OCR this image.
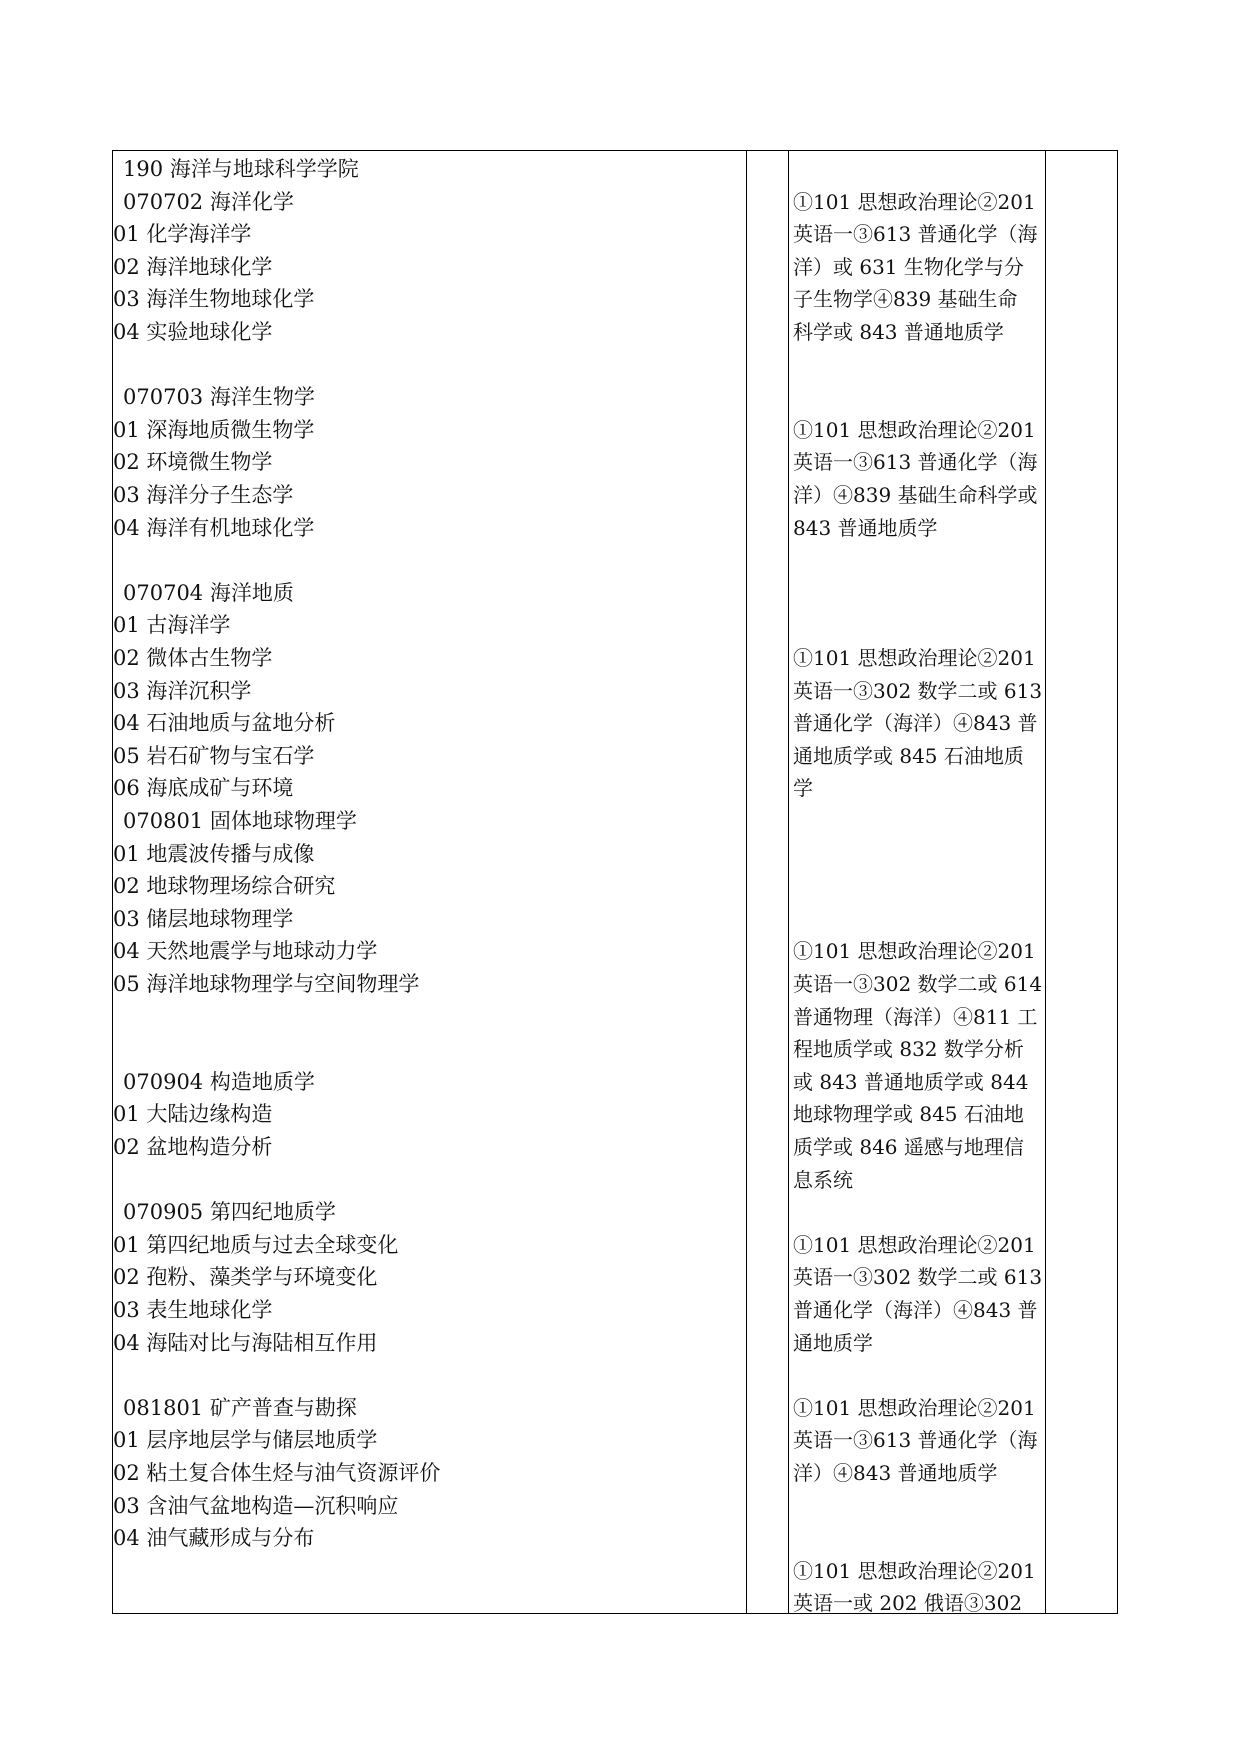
190 海洋与地球科学学院
070702 海洋化学
01 化学海洋学
02 海洋地球化学
03 海洋生物地球化学
04 实验地球化学
070703 海洋生物学
01 深海地质微生物学
02 环境微生物学
03 海洋分子生态学
04 海洋有机地球化学
070704 海洋地质
01 古海洋学
02 微体古生物学
03 海洋沉积学
04 石油地质与盆地分析
05 岩石矿物与宝石学
06 海底成矿与环境
070801 固体地球物理学
01 地震波传播与成像
02 地球物理场综合研究
03 储层地球物理学
04 天然地震学与地球动力学
05 海洋地球物理学与空间物理学
070904 构造地质学
01 大陆边缘构造
02 盆地构造分析
070905 第四纪地质学
01 第四纪地质与过去全球变化
02 孢粉、藻类学与环境变化
03 表生地球化学
04 海陆对比与海陆相互作用
081801 矿产普查与勘探
01 层序地层学与储层地质学
02 粘土复合体生烃与油气资源评价
03 含油气盆地构造—沉积响应
04 油气藏形成与分布
①101 思想政治理论②201
英语一③613 普通化学（海
洋）或 631 生物化学与分
子生物学④839 基础生命
科学或 843 普通地质学
①101 思想政治理论②201
英语一③613 普通化学（海
洋）④839 基础生命科学或
843 普通地质学
①101 思想政治理论②201
英语一③302 数学二或 613
普通化学（海洋）④843 普
通地质学或 845 石油地质
学
①101 思想政治理论②201
英语一③302 数学二或 614
普通物理（海洋）④811 工
程地质学或 832 数学分析
或 843 普通地质学或 844
地球物理学或 845 石油地
质学或 846 遥感与地理信
息系统
①101 思想政治理论②201
英语一③302 数学二或 613
普通化学（海洋）④843 普
通地质学
①101 思想政治理论②201
英语一③613 普通化学（海
洋）④843 普通地质学
①101 思想政治理论②201
英语一或 202 俄语③302
